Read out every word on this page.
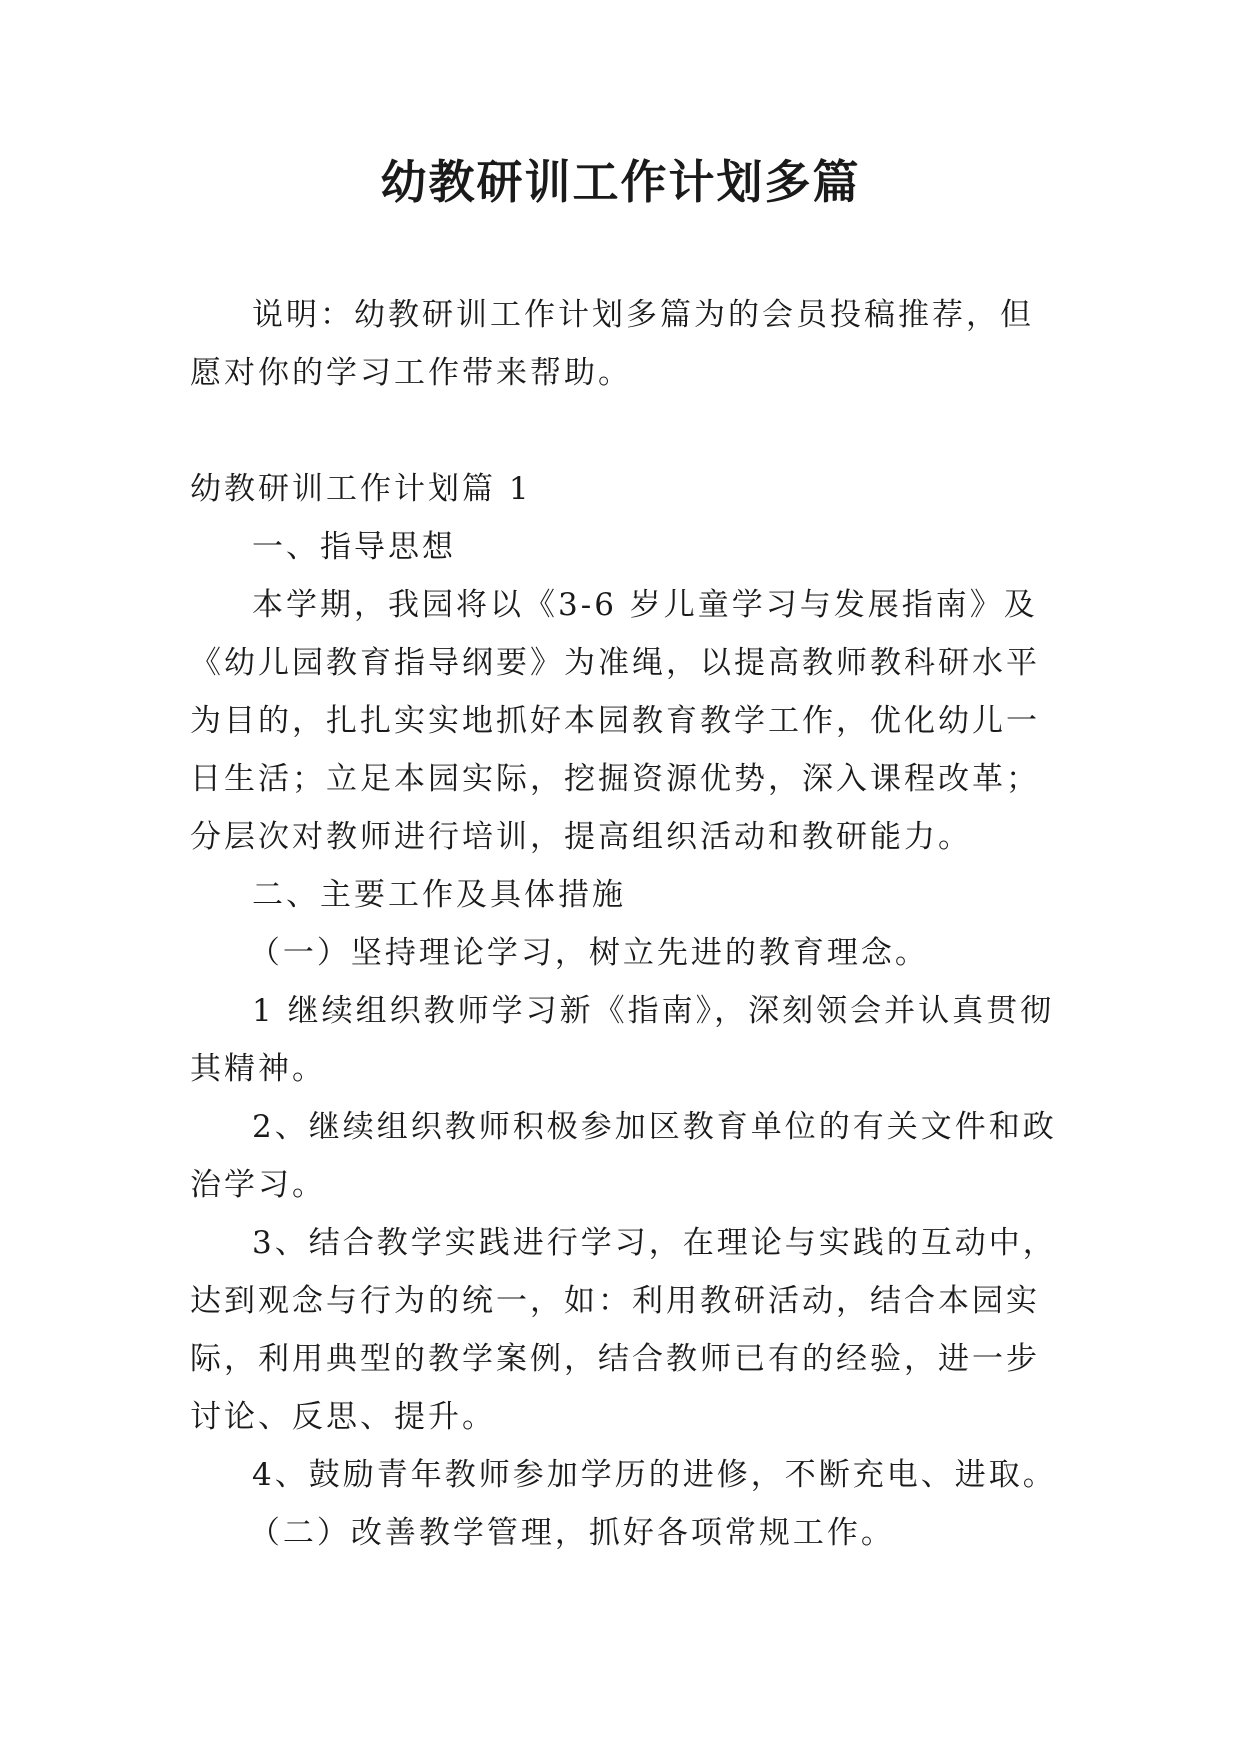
幼教研训工作计划多篇

说明：幼教研训工作计划多篇为的会员投稿推荐，但愿对你的学习工作带来帮助。

幼教研训工作计划篇 1

一、指导思想

本学期，我园将以《3-6 岁儿童学习与发展指南》及《幼儿园教育指导纲要》为准绳，以提高教师教科研水平为目的，扎扎实实地抓好本园教育教学工作，优化幼儿一日生活；立足本园实际，挖掘资源优势，深入课程改革；分层次对教师进行培训，提高组织活动和教研能力。

二、主要工作及具体措施

（一）坚持理论学习，树立先进的教育理念。

1 继续组织教师学习新《指南》，深刻领会并认真贯彻其精神。

2、继续组织教师积极参加区教育单位的有关文件和政治学习。

3、结合教学实践进行学习，在理论与实践的互动中，达到观念与行为的统一，如：利用教研活动，结合本园实际，利用典型的教学案例，结合教师已有的经验，进一步讨论、反思、提升。

4、鼓励青年教师参加学历的进修，不断充电、进取。

（二）改善教学管理，抓好各项常规工作。
